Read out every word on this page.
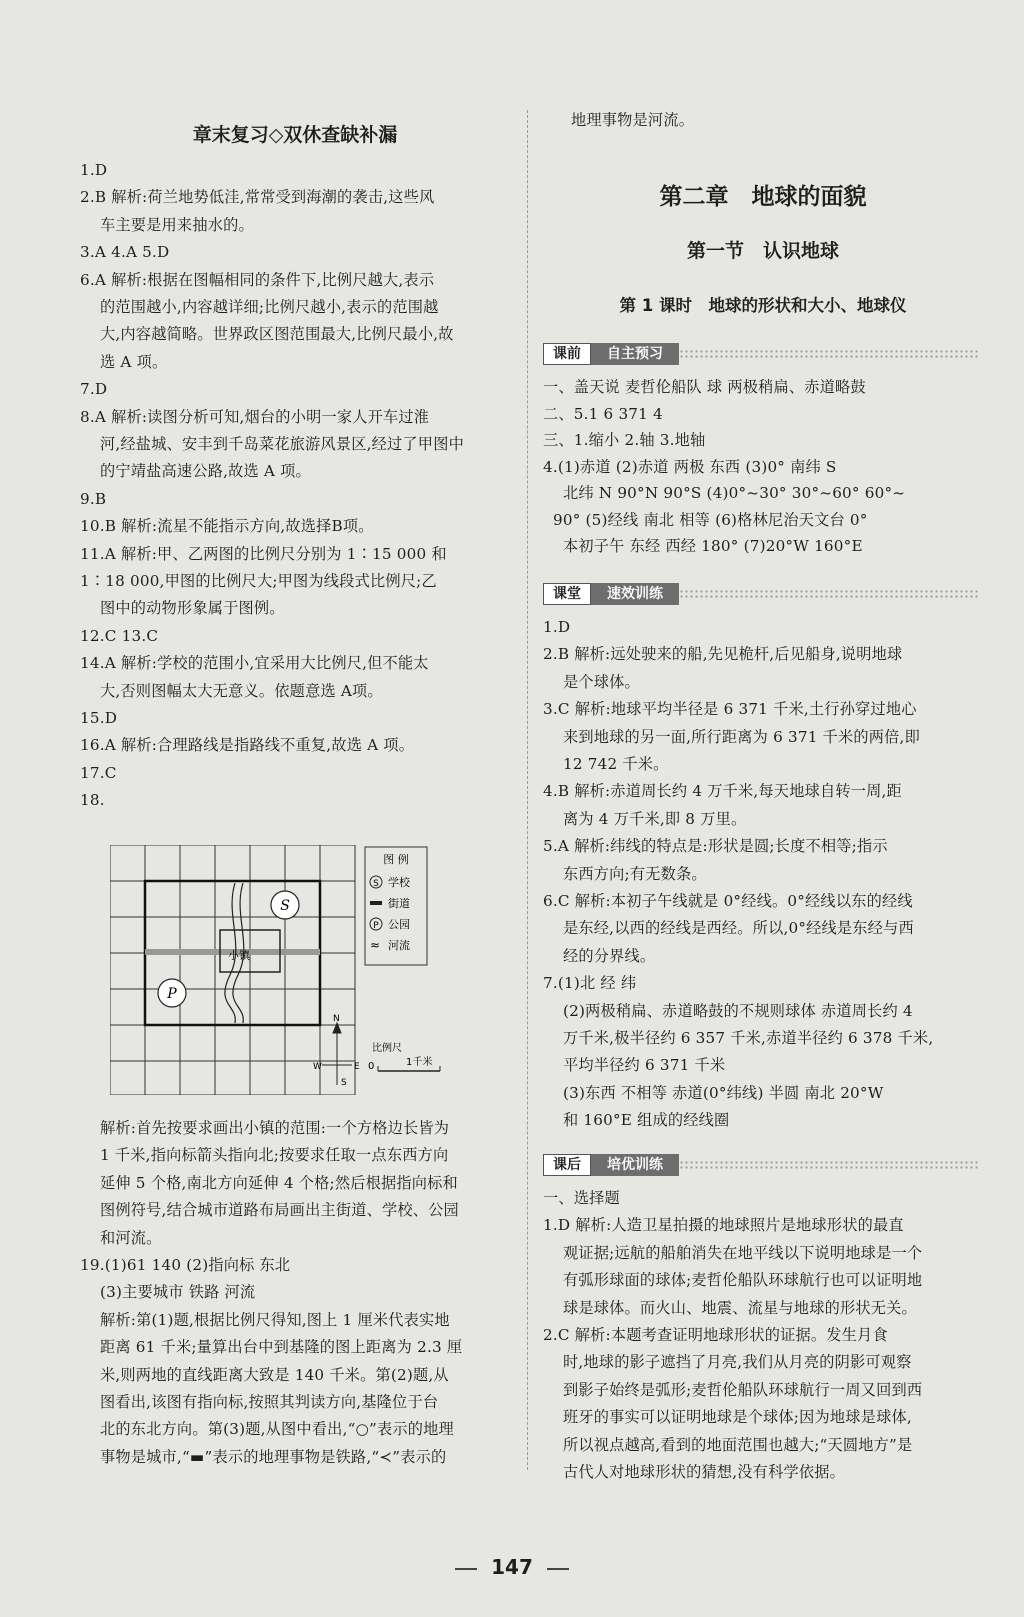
章末复习◇双休查缺补漏
1.D
2.B 解析:荷兰地势低洼,常常受到海潮的袭击,这些风
车主要是用来抽水的。
3.A 4.A 5.D
6.A 解析:根据在图幅相同的条件下,比例尺越大,表示
的范围越小,内容越详细;比例尺越小,表示的范围越
大,内容越简略。世界政区图范围最大,比例尺最小,故
选 A 项。
7.D
8.A 解析:读图分析可知,烟台的小明一家人开车过淮
河,经盐城、安丰到千岛菜花旅游风景区,经过了甲图中
的宁靖盐高速公路,故选 A 项。
9.B
10.B 解析:流星不能指示方向,故选择B项。
11.A 解析:甲、乙两图的比例尺分别为 1∶15 000 和
1∶18 000,甲图的比例尺大;甲图为线段式比例尺;乙
图中的动物形象属于图例。
12.C 13.C
14.A 解析:学校的范围小,宜采用大比例尺,但不能太
大,否则图幅太大无意义。依题意选 A项。
15.D
16.A 解析:合理路线是指路线不重复,故选 A 项。
17.C
18.
S
P
小镇
图 例
S 学校
街道
P 公园
≈ 河流
N
W	E
S
比例尺
0	1千米
解析:首先按要求画出小镇的范围:一个方格边长皆为
1 千米,指向标箭头指向北;按要求任取一点东西方向
延伸 5 个格,南北方向延伸 4 个格;然后根据指向标和
图例符号,结合城市道路布局画出主街道、学校、公园
和河流。
19.(1)61 140 (2)指向标 东北
(3)主要城市 铁路 河流
解析:第(1)题,根据比例尺得知,图上 1 厘米代表实地
距离 61 千米;量算出台中到基隆的图上距离为 2.3 厘
米,则两地的直线距离大致是 140 千米。第(2)题,从
图看出,该图有指向标,按照其判读方向,基隆位于台
北的东北方向。第(3)题,从图中看出,“○”表示的地理
事物是城市,“▬”表示的地理事物是铁路,“≺”表示的
地理事物是河流。
第二章　地球的面貌
第一节　认识地球
第 1 课时　地球的形状和大小、地球仪
课前	自主预习
一、盖天说 麦哲伦船队 球 两极稍扁、赤道略鼓
二、5.1 6 371 4
三、1.缩小 2.轴 3.地轴
4.(1)赤道 (2)赤道 两极 东西 (3)0° 南纬 S
北纬 N 90°N 90°S (4)0°~30° 30°~60° 60°~
90° (5)经线 南北 相等 (6)格林尼治天文台 0°
本初子午 东经 西经 180° (7)20°W 160°E
课堂	速效训练
1.D
2.B 解析:远处驶来的船,先见桅杆,后见船身,说明地球
是个球体。
3.C 解析:地球平均半径是 6 371 千米,土行孙穿过地心
来到地球的另一面,所行距离为 6 371 千米的两倍,即
12 742 千米。
4.B 解析:赤道周长约 4 万千米,每天地球自转一周,距
离为 4 万千米,即 8 万里。
5.A 解析:纬线的特点是:形状是圆;长度不相等;指示
东西方向;有无数条。
6.C 解析:本初子午线就是 0°经线。0°经线以东的经线
是东经,以西的经线是西经。所以,0°经线是东经与西
经的分界线。
7.(1)北 经 纬
(2)两极稍扁、赤道略鼓的不规则球体 赤道周长约 4
万千米,极半径约 6 357 千米,赤道半径约 6 378 千米,
平均半径约 6 371 千米
(3)东西 不相等 赤道(0°纬线) 半圆 南北 20°W
和 160°E 组成的经线圈
课后	培优训练
一、选择题
1.D 解析:人造卫星拍摄的地球照片是地球形状的最直
观证据;远航的船舶消失在地平线以下说明地球是一个
有弧形球面的球体;麦哲伦船队环球航行也可以证明地
球是球体。而火山、地震、流星与地球的形状无关。
2.C 解析:本题考查证明地球形状的证据。发生月食
时,地球的影子遮挡了月亮,我们从月亮的阴影可观察
到影子始终是弧形;麦哲伦船队环球航行一周又回到西
班牙的事实可以证明地球是个球体;因为地球是球体,
所以视点越高,看到的地面范围也越大;“天圆地方”是
古代人对地球形状的猜想,没有科学依据。
147
